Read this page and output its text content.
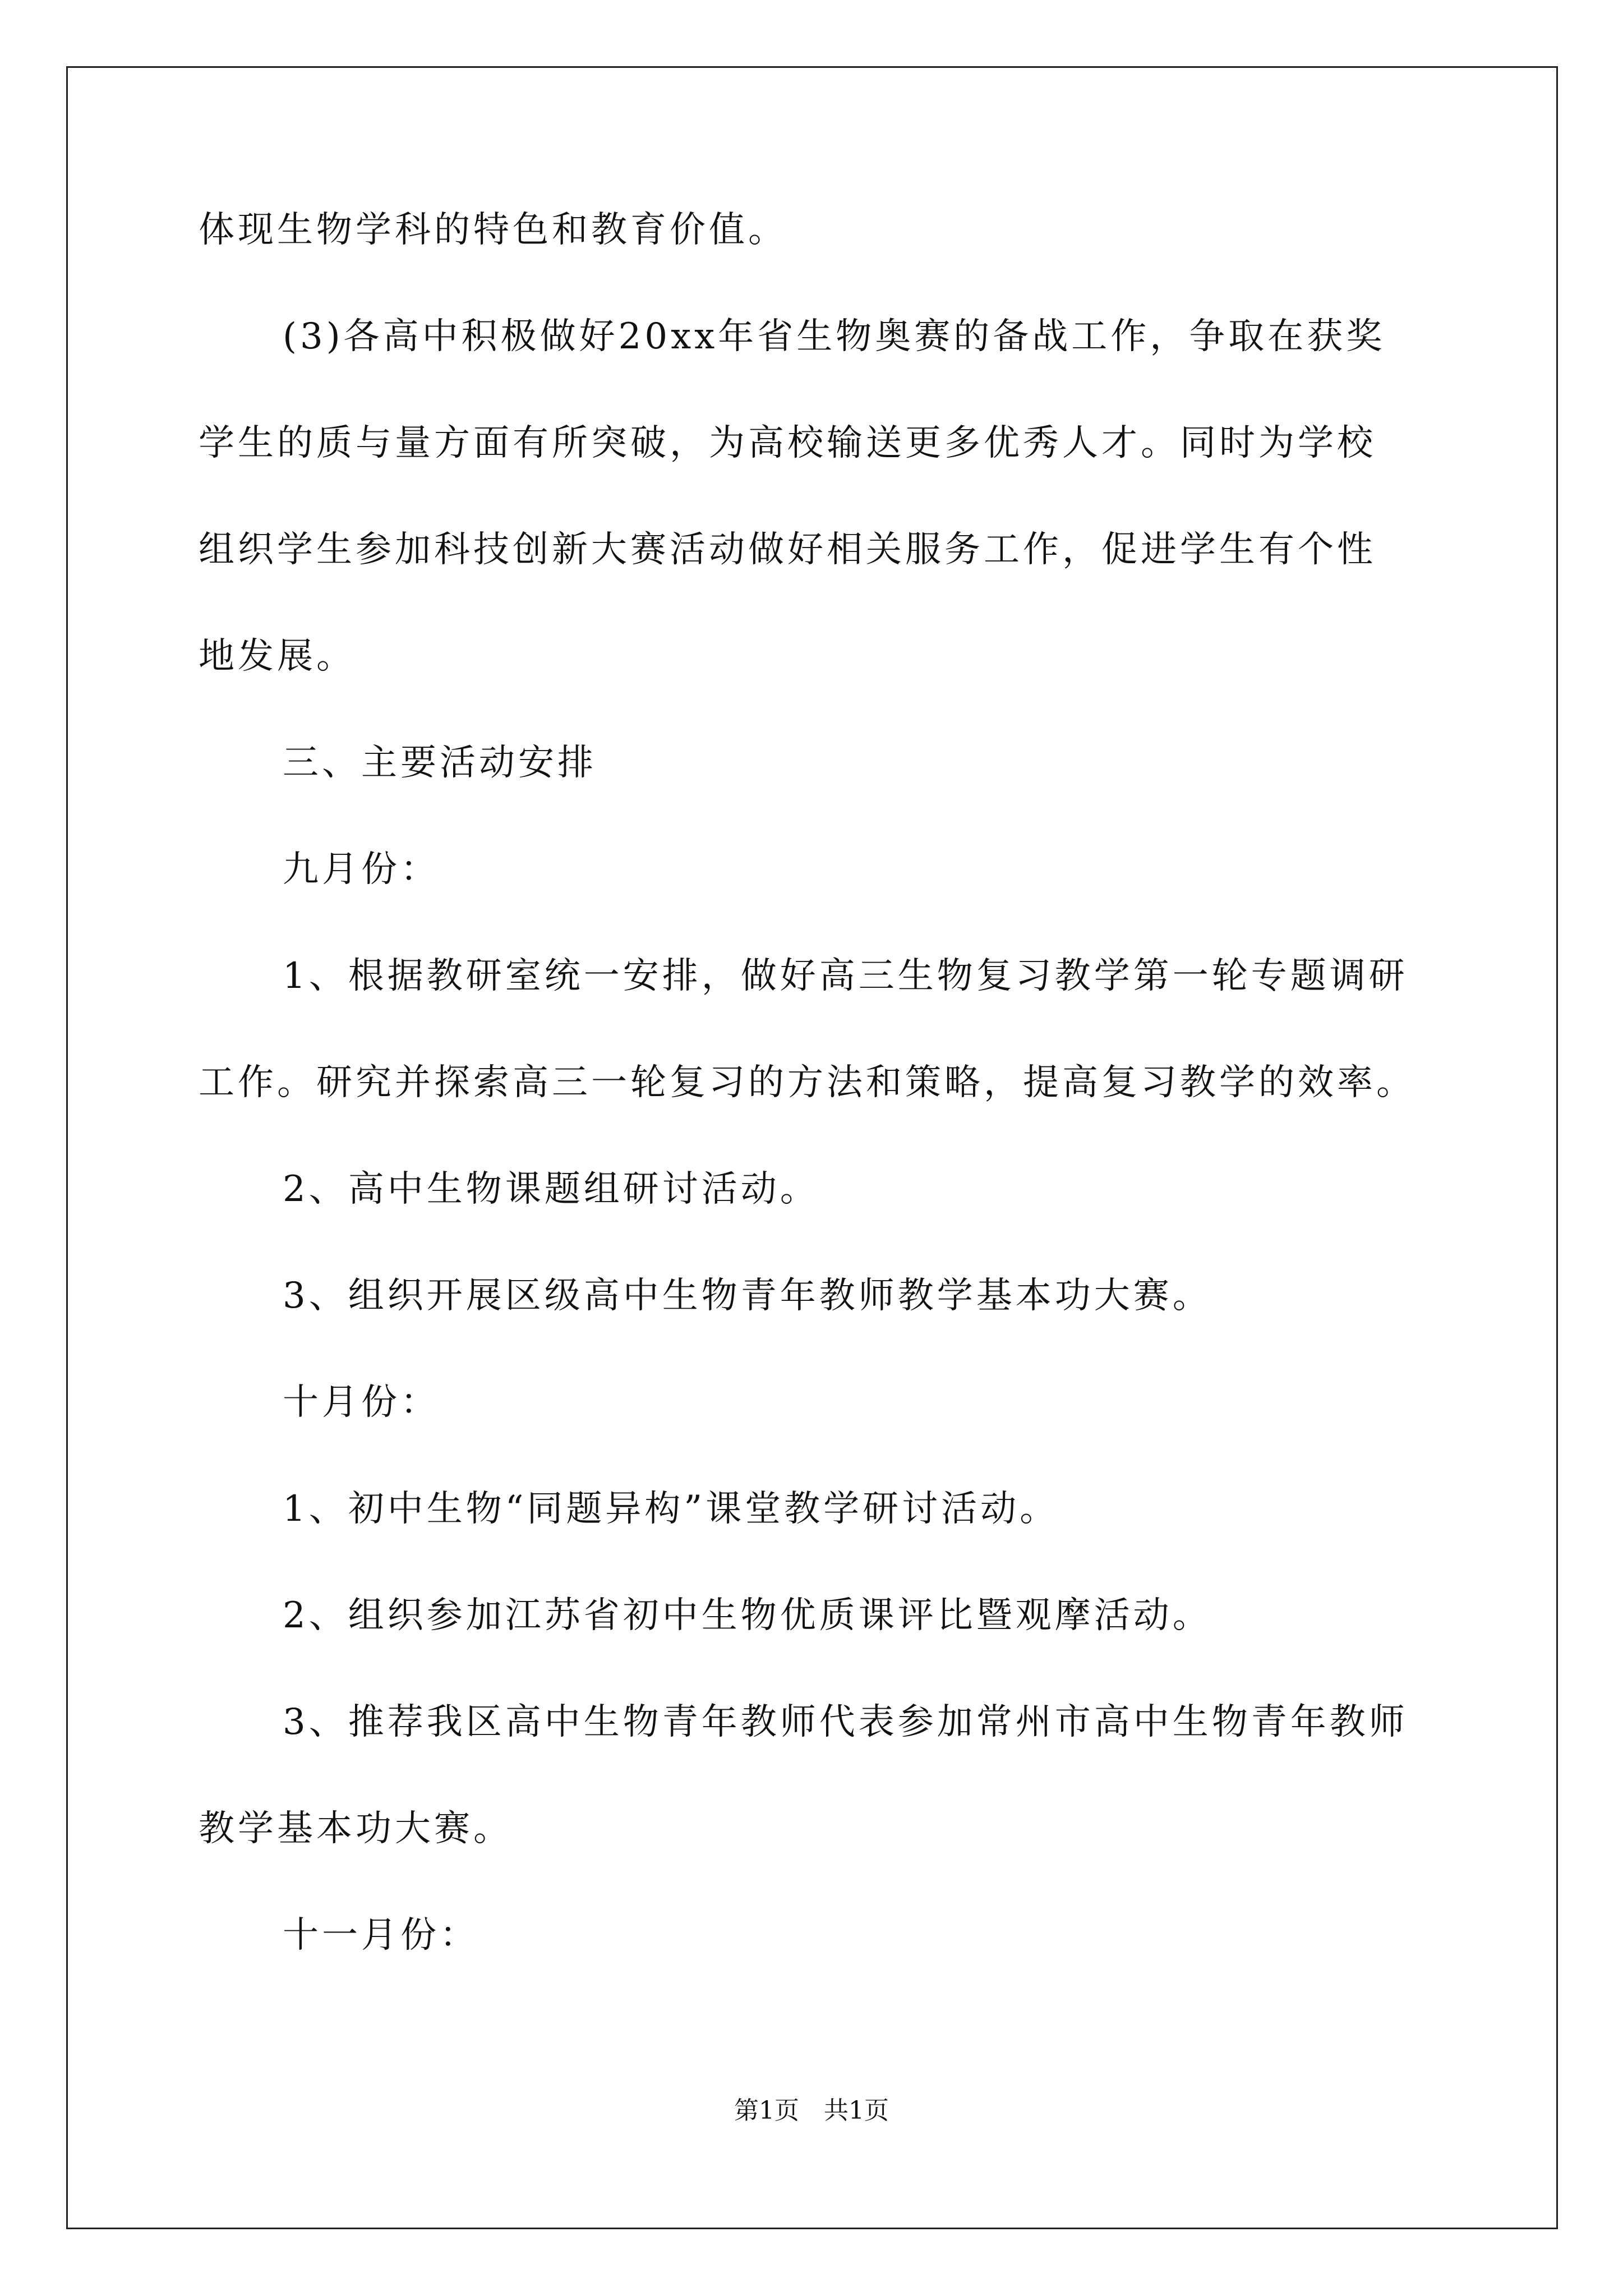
体现生物学科的特色和教育价值。
(3)各高中积极做好20xx年省生物奥赛的备战工作，争取在获奖
学生的质与量方面有所突破，为高校输送更多优秀人才。同时为学校
组织学生参加科技创新大赛活动做好相关服务工作，促进学生有个性
地发展。
三、主要活动安排
九月份：
1、根据教研室统一安排，做好高三生物复习教学第一轮专题调研
工作。研究并探索高三一轮复习的方法和策略，提高复习教学的效率。
2、高中生物课题组研讨活动。
3、组织开展区级高中生物青年教师教学基本功大赛。
十月份：
1、初中生物“同题异构”课堂教学研讨活动。
2、组织参加江苏省初中生物优质课评比暨观摩活动。
3、推荐我区高中生物青年教师代表参加常州市高中生物青年教师
教学基本功大赛。
十一月份：
第1页　共1页
